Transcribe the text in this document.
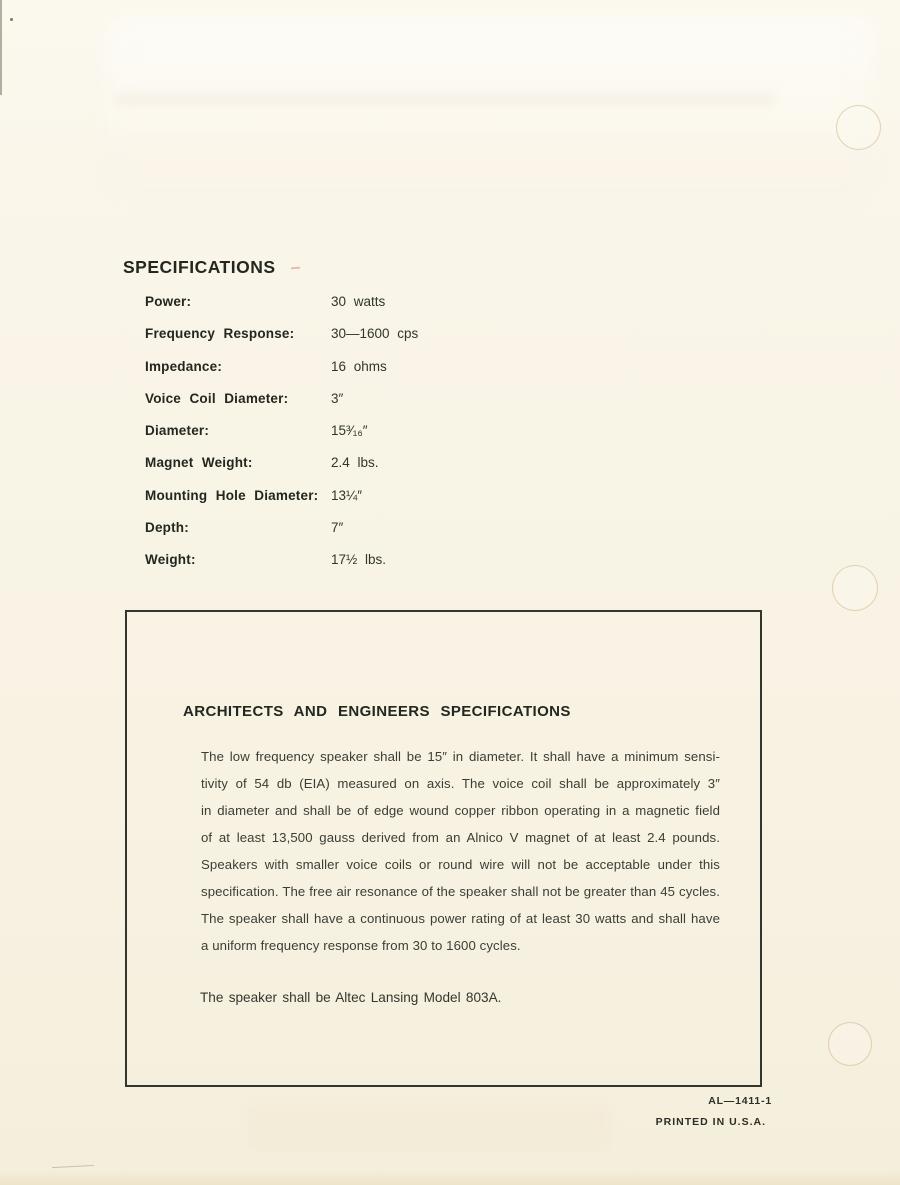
SPECIFICATIONS
Power:	30 watts
Frequency Response:	30—1600 cps
Impedance:	16 ohms
Voice Coil Diameter:	3″
Diameter:	15³⁄₁₆″
Magnet Weight:	2.4 lbs.
Mounting Hole Diameter: 13¼″
Depth:	7″
Weight:	17½ lbs.
ARCHITECTS AND ENGINEERS SPECIFICATIONS
The low frequency speaker shall be 15″ in diameter. It shall have a minimum sensi-
tivity of 54 db (EIA) measured on axis. The voice coil shall be approximately 3″
in diameter and shall be of edge wound copper ribbon operating in a magnetic field
of at least 13,500 gauss derived from an Alnico V magnet of at least 2.4 pounds.
Speakers with smaller voice coils or round wire will not be acceptable under this
specification. The free air resonance of the speaker shall not be greater than 45 cycles.
The speaker shall have a continuous power rating of at least 30 watts and shall have
a uniform frequency response from 30 to 1600 cycles.
The speaker shall be Altec Lansing Model 803A.
AL—1411-1
PRINTED IN U.S.A.
